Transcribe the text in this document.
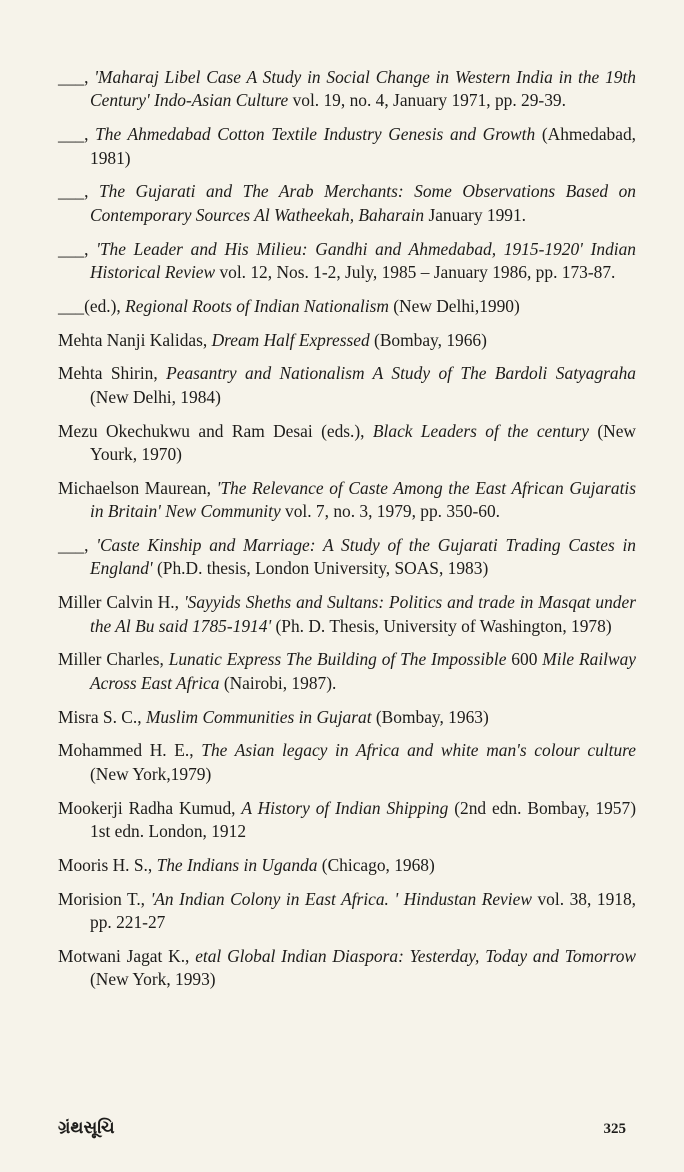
___, 'Maharaj Libel Case A Study in Social Change in Western India in the 19th Century' Indo-Asian Culture vol. 19, no. 4, January 1971, pp. 29-39.

___, The Ahmedabad Cotton Textile Industry Genesis and Growth (Ahmedabad, 1981)

___, The Gujarati and The Arab Merchants: Some Observations Based on Contemporary Sources Al Watheekah, Baharain January 1991.

___, 'The Leader and His Milieu: Gandhi and Ahmedabad, 1915-1920' Indian Historical Review vol. 12, Nos. 1-2, July, 1985 – January 1986, pp. 173-87.

___(ed.), Regional Roots of Indian Nationalism (New Delhi,1990)

Mehta Nanji Kalidas, Dream Half Expressed (Bombay, 1966)

Mehta Shirin, Peasantry and Nationalism A Study of The Bardoli Satyagraha (New Delhi, 1984)

Mezu Okechukwu and Ram Desai (eds.), Black Leaders of the century (New Yourk, 1970)

Michaelson Maurean, 'The Relevance of Caste Among the East African Gujaratis in Britain' New Community vol. 7, no. 3, 1979, pp. 350-60.

___, 'Caste Kinship and Marriage: A Study of the Gujarati Trading Castes in England' (Ph.D. thesis, London University, SOAS, 1983)

Miller Calvin H., 'Sayyids Sheths and Sultans: Politics and trade in Masqat under the Al Bu said 1785-1914' (Ph. D. Thesis, University of Washington, 1978)

Miller Charles, Lunatic Express The Building of The Impossible 600 Mile Railway Across East Africa (Nairobi, 1987).

Misra S. C., Muslim Communities in Gujarat (Bombay, 1963)

Mohammed H. E., The Asian legacy in Africa and white man's colour culture (New York,1979)

Mookerji Radha Kumud, A History of Indian Shipping (2nd edn. Bombay, 1957) 1st edn. London, 1912

Mooris H. S., The Indians in Uganda (Chicago, 1968)

Morision T., 'An Indian Colony in East Africa. ' Hindustan Review vol. 38, 1918, pp. 221-27

Motwani Jagat K., etal Global Indian Diaspora: Yesterday, Today and Tomorrow (New York, 1993)

ગ્રંથસૂચિ	325
